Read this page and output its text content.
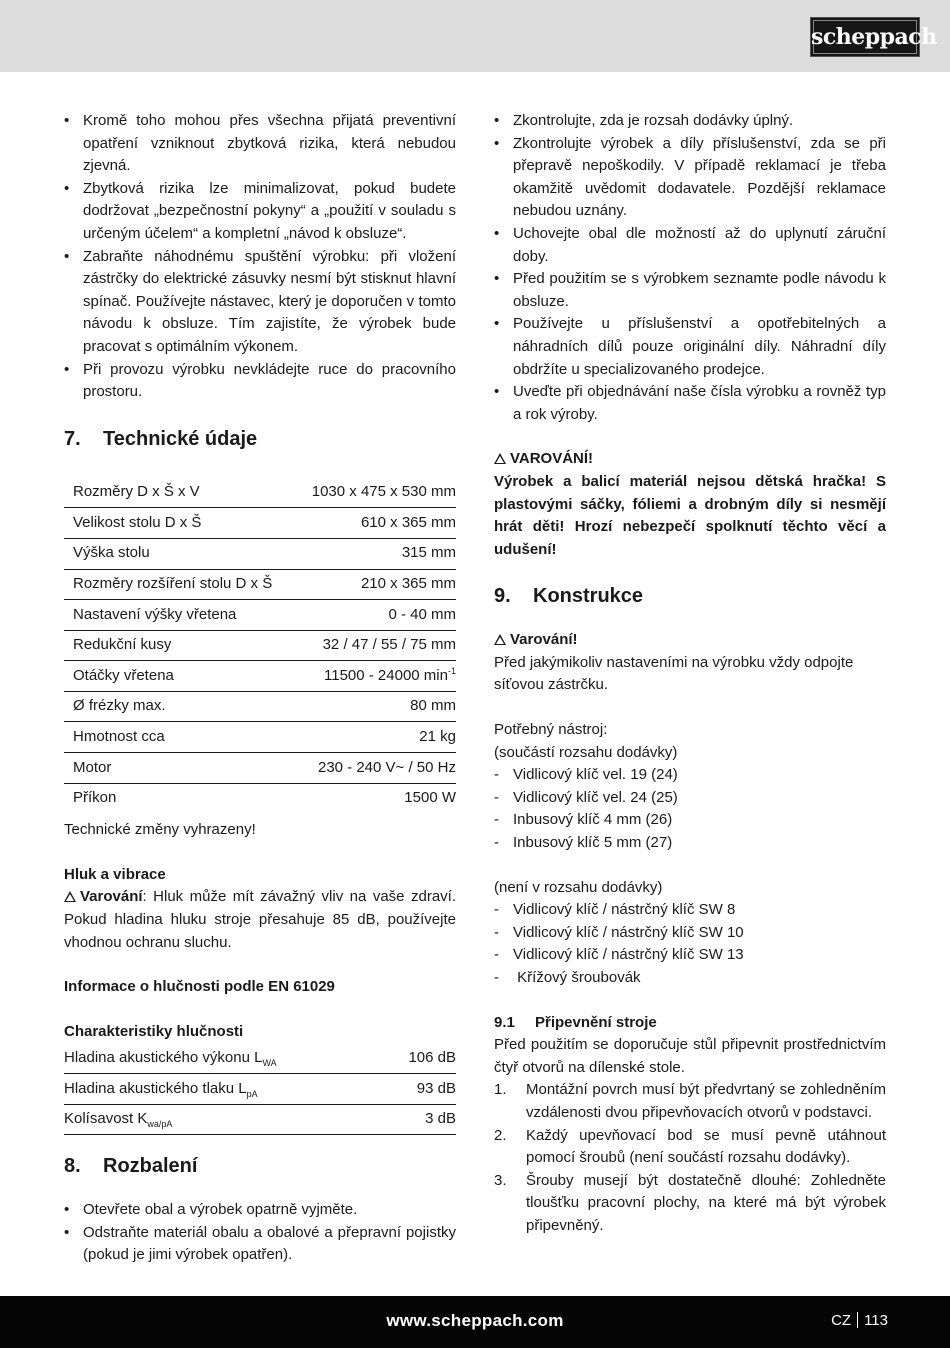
scheppach
• Kromě toho mohou přes všechna přijatá preventivní opatření vzniknout zbytková rizika, která nebudou zjevná.
• Zbytková rizika lze minimalizovat, pokud budete dodržovat „bezpečnostní pokyny“ a „použití v souladu s určeným účelem“ a kompletní „návod k obsluze“.
• Zabraňte náhodnému spuštění výrobku: při vložení zástrčky do elektrické zásuvky nesmí být stisknut hlavní spínač. Používejte nástavec, který je doporučen v tomto návodu k obsluze. Tím zajistíte, že výrobek bude pracovat s optimálním výkonem.
• Při provozu výrobku nevkládejte ruce do pracovního prostoru.
7. Technické údaje
Rozměry D x Š x V	1030 x 475 x 530 mm
Velikost stolu D x Š	610 x 365 mm
Výška stolu	315 mm
Rozměry rozšíření stolu D x Š	210 x 365 mm
Nastavení výšky vřetena	0 - 40 mm
Redukční kusy	32 / 47 / 55 / 75 mm
Otáčky vřetena	11500 - 24000 $\min^{-1}$
Ø frézky max.	80 mm
Hmotnost cca	21 kg
Motor	230 - 240 V~ / 50 Hz
Příkon	1500 W
Technické změny vyhrazeny!
Hluk a vibrace
Varování: Hluk může mít závažný vliv na vaše zdraví. Pokud hladina hluku stroje přesahuje 85 dB, používejte vhodnou ochranu sluchu.
Informace o hlučnosti podle EN 61029
Charakteristiky hlučnosti
Hladina akustického výkonu $L_{WA}$	106 dB
Hladina akustického tlaku $L_{pA}$	93 dB
Kolísavost $K_{wa/pA}$	3 dB
8. Rozbalení
• Otevřete obal a výrobek opatrně vyjměte.
• Odstraňte materiál obalu a obalové a přepravní pojistky (pokud je jimi výrobek opatřen).
• Zkontrolujte, zda je rozsah dodávky úplný.
• Zkontrolujte výrobek a díly příslušenství, zda se při přepravě nepoškodily. V případě reklamací je třeba okamžitě uvědomit dodavatele. Pozdější reklamace nebudou uznány.
• Uchovejte obal dle možností až do uplynutí záruční doby.
• Před použitím se s výrobkem seznamte podle návodu k obsluze.
• Používejte u příslušenství a opotřebitelných a náhradních dílů pouze originální díly. Náhradní díly obdržíte u specializovaného prodejce.
• Uveďte při objednávání naše čísla výrobku a rovněž typ a rok výroby.
VAROVÁNÍ!
Výrobek a balicí materiál nejsou dětská hračka! S plastovými sáčky, fóliemi a drobným díly si nesmějí hrát děti! Hrozí nebezpečí spolknutí těchto věcí a udušení!
9. Konstrukce
Varování!
Před jakýmikoliv nastaveními na výrobku vždy odpojte síťovou zástrčku.
Potřebný nástroj:
(součástí rozsahu dodávky)
- Vidlicový klíč vel. 19 (24)
- Vidlicový klíč vel. 24 (25)
- Inbusový klíč 4 mm (26)
- Inbusový klíč 5 mm (27)
(není v rozsahu dodávky)
- Vidlicový klíč / nástrčný klíč SW 8
- Vidlicový klíč / nástrčný klíč SW 10
- Vidlicový klíč / nástrčný klíč SW 13
-  Křížový šroubovák
9.1 Připevnění stroje
Před použitím se doporučuje stůl připevnit prostřednictvím čtyř otvorů na dílenské stole.
1. Montážní povrch musí být předvrtaný se zohledněním vzdálenosti dvou připevňovacích otvorů v podstavci.
2. Každý upevňovací bod se musí pevně utáhnout pomocí šroubů (není součástí rozsahu dodávky).
3. Šrouby musejí být dostatečně dlouhé: Zohledněte tloušťku pracovní plochy, na které má být výrobek připevněný.
www.scheppach.com	CZ 113
